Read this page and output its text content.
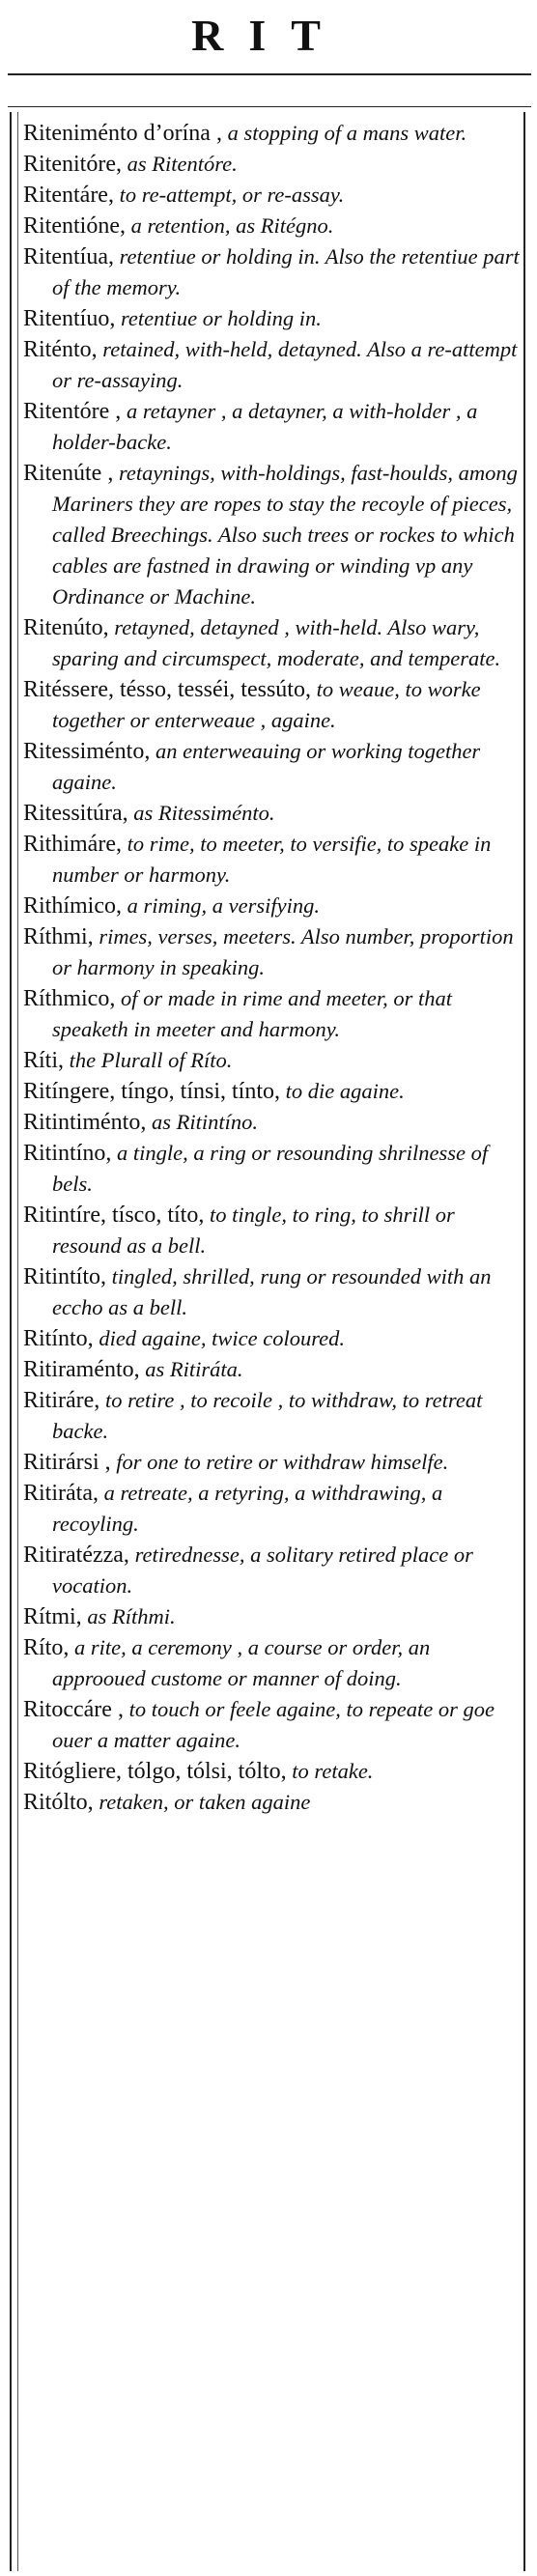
RIT

Riteniménto d’orína , a stopping of a mans water.

Ritenitóre, as Ritentóre.

Ritentáre, to re-attempt, or re-assay.

Ritentióne, a retention, as Ritégno.

Ritentíua, retentiue or holding in. Also the retentiue part of the memory.

Ritentíuo, retentiue or holding in.

Riténto, retained, with-held, detayned. Also a re-attempt or re-assaying.

Ritentóre , a retayner , a detayner, a with-holder , a holder-backe.

Ritenúte , retaynings, with-holdings, fast-houlds, among Mariners they are ropes to stay the recoyle of pieces, called Breechings. Also such trees or rockes to which cables are fastned in drawing or winding vp any Ordinance or Machine.

Ritenúto, retayned, detayned , with-held. Also wary, sparing and circumspect, moderate, and temperate.

Ritéssere, tésso, tesséi, tessúto, to weaue, to worke together or enterweaue , againe.

Ritessiménto, an enterweauing or working together againe.

Ritessitúra, as Ritessiménto.

Rithimáre, to rime, to meeter, to versifie, to speake in number or harmony.

Rithímico, a riming, a versifying.

Ríthmi, rimes, verses, meeters. Also number, proportion or harmony in speaking.

Ríthmico, of or made in rime and meeter, or that speaketh in meeter and harmony.

Ríti, the Plurall of Ríto.

Ritíngere, tíngo, tínsi, tínto, to die againe.

Ritintiménto, as Ritintíno.

Ritintíno, a tingle, a ring or resounding shrilnesse of bels.

Ritintíre, tísco, títo, to tingle, to ring, to shrill or resound as a bell.

Ritintíto, tingled, shrilled, rung or resounded with an eccho as a bell.

Ritínto, died againe, twice coloured.

Ritiraménto, as Ritiráta.

Ritiráre, to retire , to recoile , to withdraw, to retreat backe.

Ritirársi , for one to retire or withdraw himselfe.

Ritiráta, a retreate, a retyring, a withdrawing, a recoyling.

Ritiratézza, retirednesse, a solitary retired place or vocation.

Rítmi, as Ríthmi.

Ríto, a rite, a ceremony , a course or order, an approoued custome or manner of doing.

Ritoccáre , to touch or feele againe, to repeate or goe ouer a matter againe.

Ritógliere, tólgo, tólsi, tólto, to retake.

Ritólto, retaken, or taken againe
